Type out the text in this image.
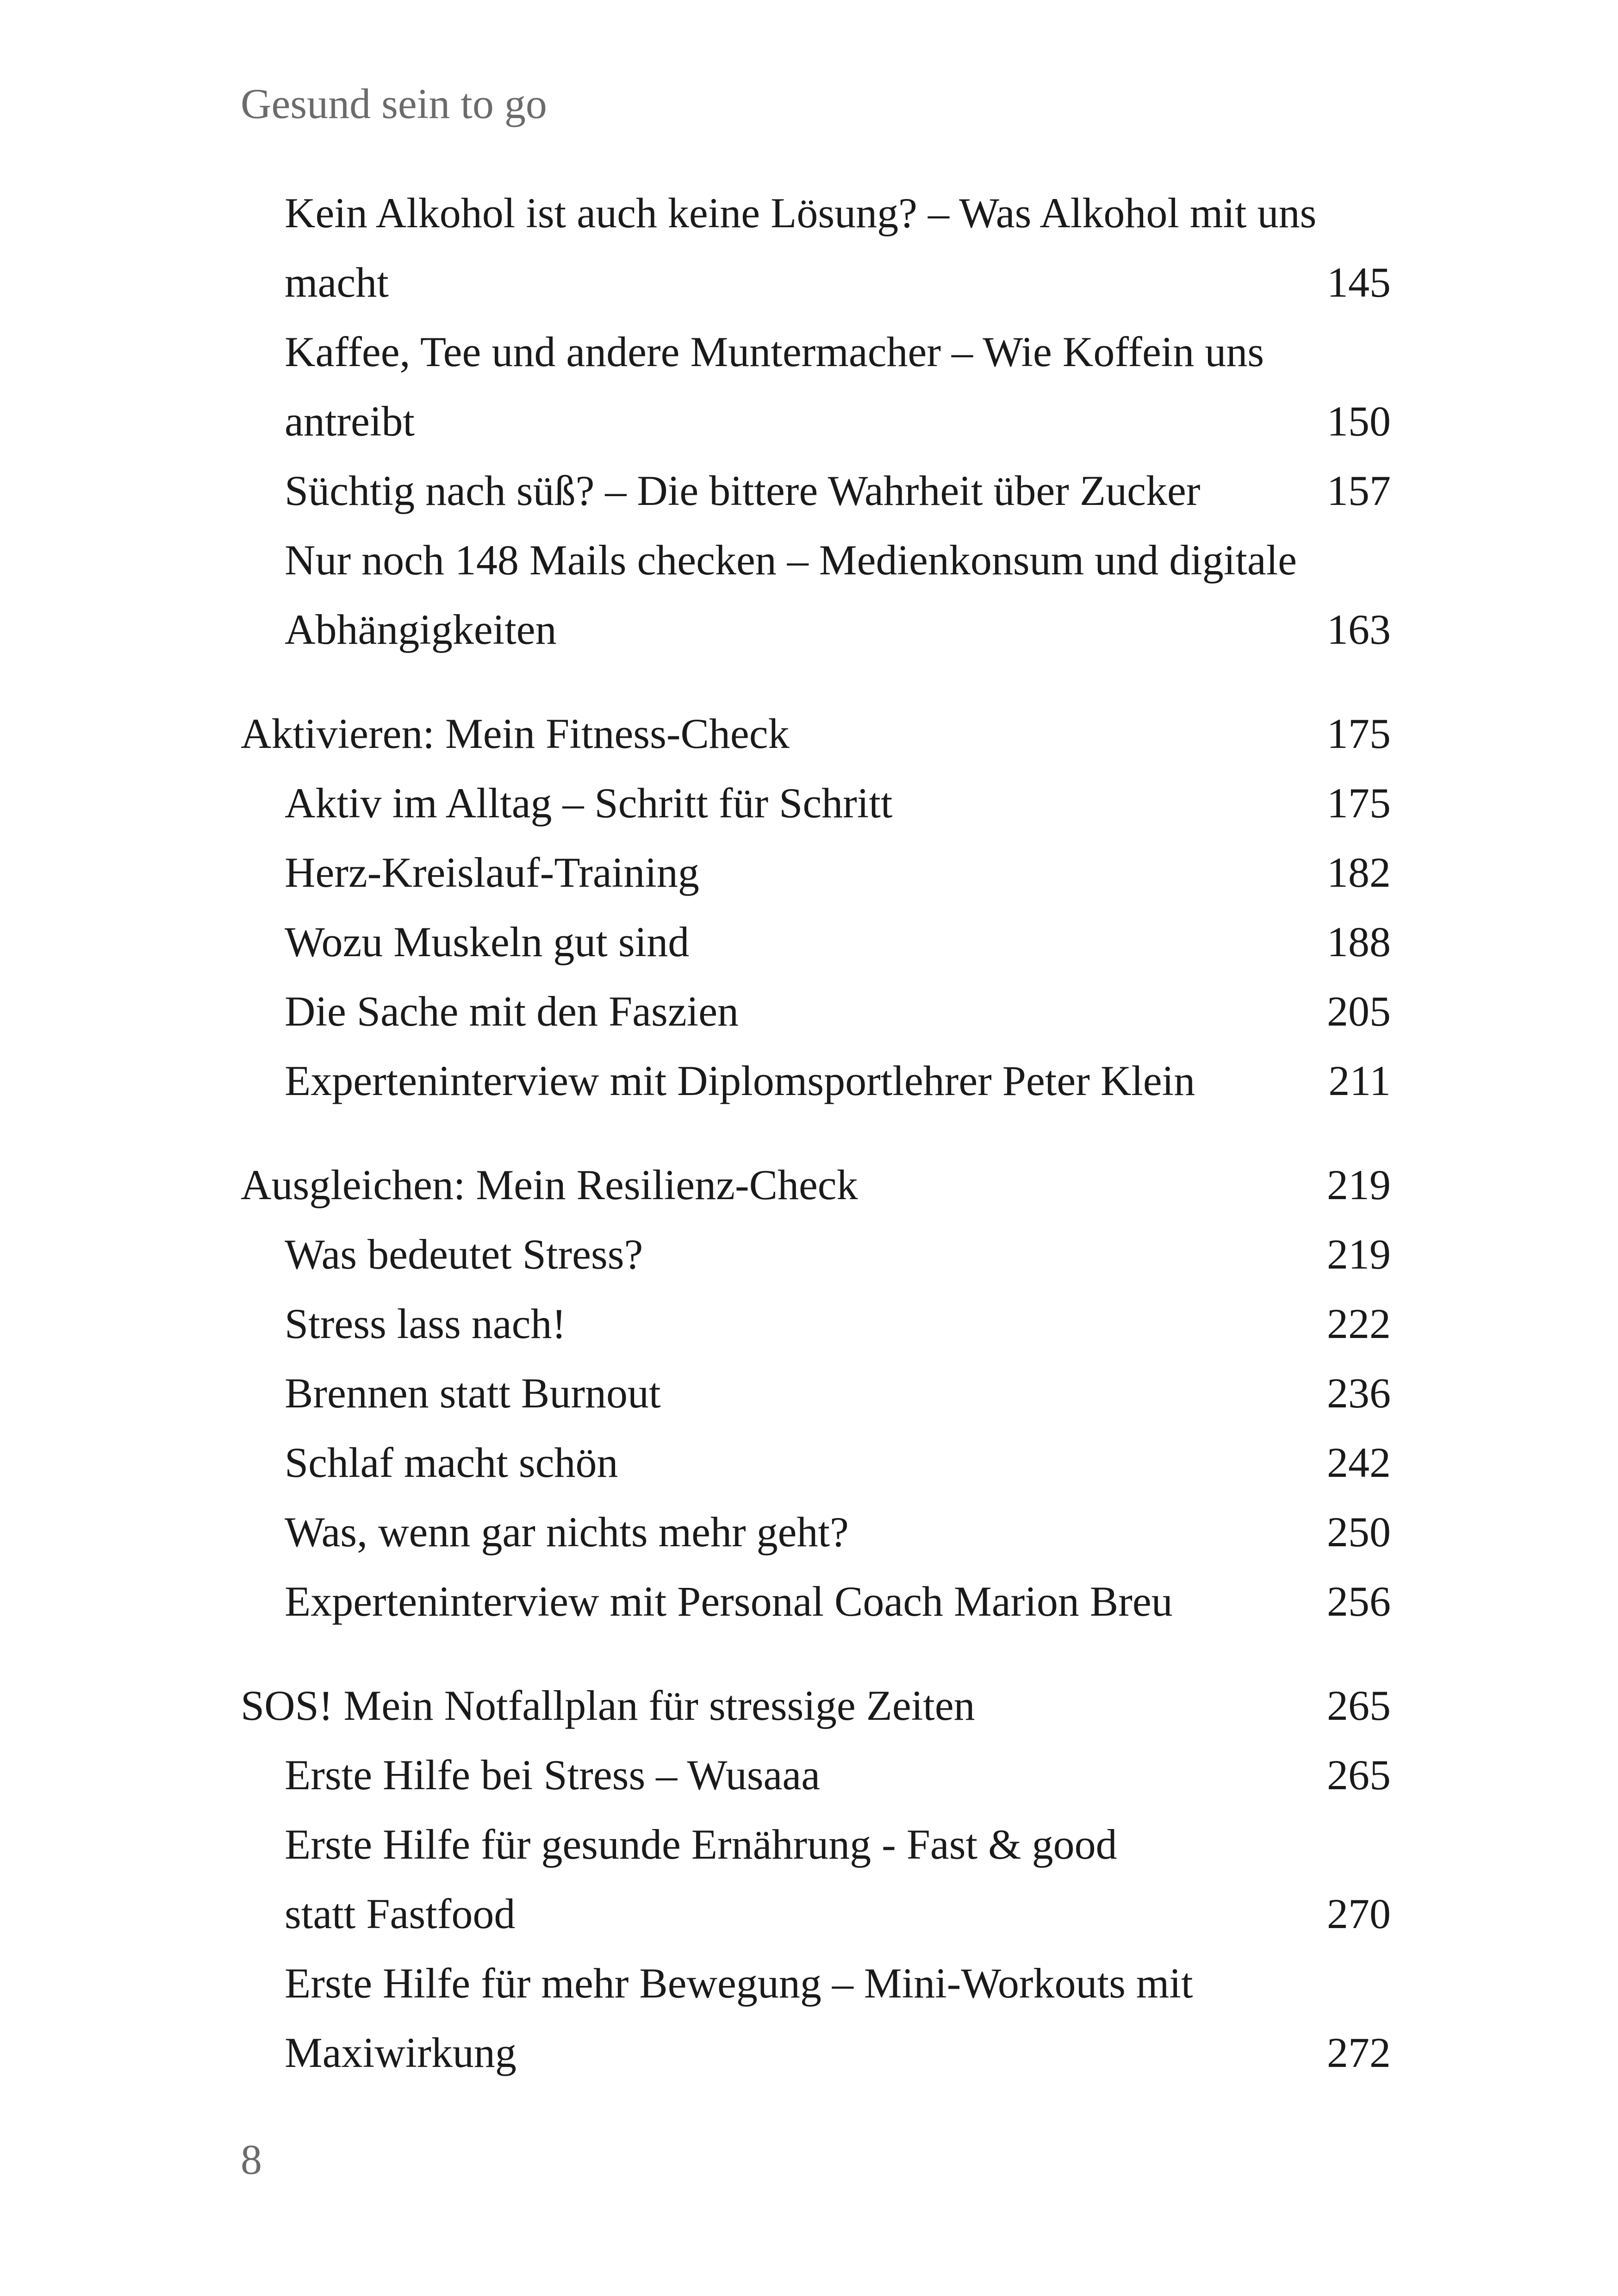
Gesund sein to go
Kein Alkohol ist auch keine Lösung? – Was Alkohol mit uns
macht	145
Kaffee, Tee und andere Muntermacher – Wie Koffein uns
antreibt	150
Süchtig nach süß? – Die bittere Wahrheit über Zucker	157
Nur noch 148 Mails checken – Medienkonsum und digitale
Abhängigkeiten	163
Aktivieren: Mein Fitness-Check	175
Aktiv im Alltag – Schritt für Schritt	175
Herz-Kreislauf-Training	182
Wozu Muskeln gut sind	188
Die Sache mit den Faszien	205
Experteninterview mit Diplomsportlehrer Peter Klein	211
Ausgleichen: Mein Resilienz-Check	219
Was bedeutet Stress?	219
Stress lass nach!	222
Brennen statt Burnout	236
Schlaf macht schön	242
Was, wenn gar nichts mehr geht?	250
Experteninterview mit Personal Coach Marion Breu	256
SOS! Mein Notfallplan für stressige Zeiten	265
Erste Hilfe bei Stress – Wusaaa	265
Erste Hilfe für gesunde Ernährung - Fast & good
statt Fastfood	270
Erste Hilfe für mehr Bewegung – Mini-Workouts mit
Maxiwirkung	272
8
